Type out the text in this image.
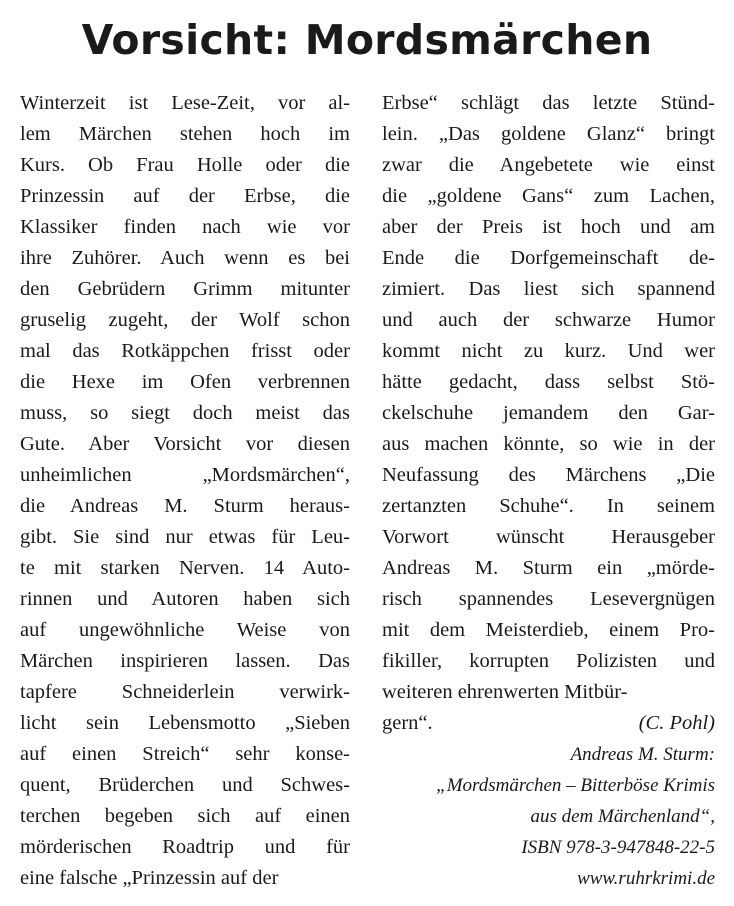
Vorsicht: Mordsmärchen
Winterzeit ist Lese-Zeit, vor al-
lem Märchen stehen hoch im
Kurs. Ob Frau Holle oder die
Prinzessin auf der Erbse, die
Klassiker finden nach wie vor
ihre Zuhörer. Auch wenn es bei
den Gebrüdern Grimm mitunter
gruselig zugeht, der Wolf schon
mal das Rotkäppchen frisst oder
die Hexe im Ofen verbrennen
muss, so siegt doch meist das
Gute. Aber Vorsicht vor diesen
unheimlichen „Mordsmärchen“,
die Andreas M. Sturm heraus-
gibt. Sie sind nur etwas für Leu-
te mit starken Nerven. 14 Auto-
rinnen und Autoren haben sich
auf ungewöhnliche Weise von
Märchen inspirieren lassen. Das
tapfere Schneiderlein verwirk-
licht sein Lebensmotto „Sieben
auf einen Streich“ sehr konse-
quent, Brüderchen und Schwes-
terchen begeben sich auf einen
mörderischen Roadtrip und für
eine falsche „Prinzessin auf der
Erbse“ schlägt das letzte Stünd-
lein. „Das goldene Glanz“ bringt
zwar die Angebetete wie einst
die „goldene Gans“ zum Lachen,
aber der Preis ist hoch und am
Ende die Dorfgemeinschaft de-
zimiert. Das liest sich spannend
und auch der schwarze Humor
kommt nicht zu kurz. Und wer
hätte gedacht, dass selbst Stö-
ckelschuhe jemandem den Gar-
aus machen könnte, so wie in der
Neufassung des Märchens „Die
zertanzten Schuhe“. In seinem
Vorwort wünscht Herausgeber
Andreas M. Sturm ein „mörde-
risch spannendes Lesevergnügen
mit dem Meisterdieb, einem Pro-
fikiller, korrupten Polizisten und
weiteren ehrenwerten Mitbür-
gern“.	(C. Pohl)
Andreas M. Sturm:
„Mordsmärchen – Bitterböse Krimis
aus dem Märchenland“,
ISBN 978-3-947848-22-5
www.ruhrkrimi.de
